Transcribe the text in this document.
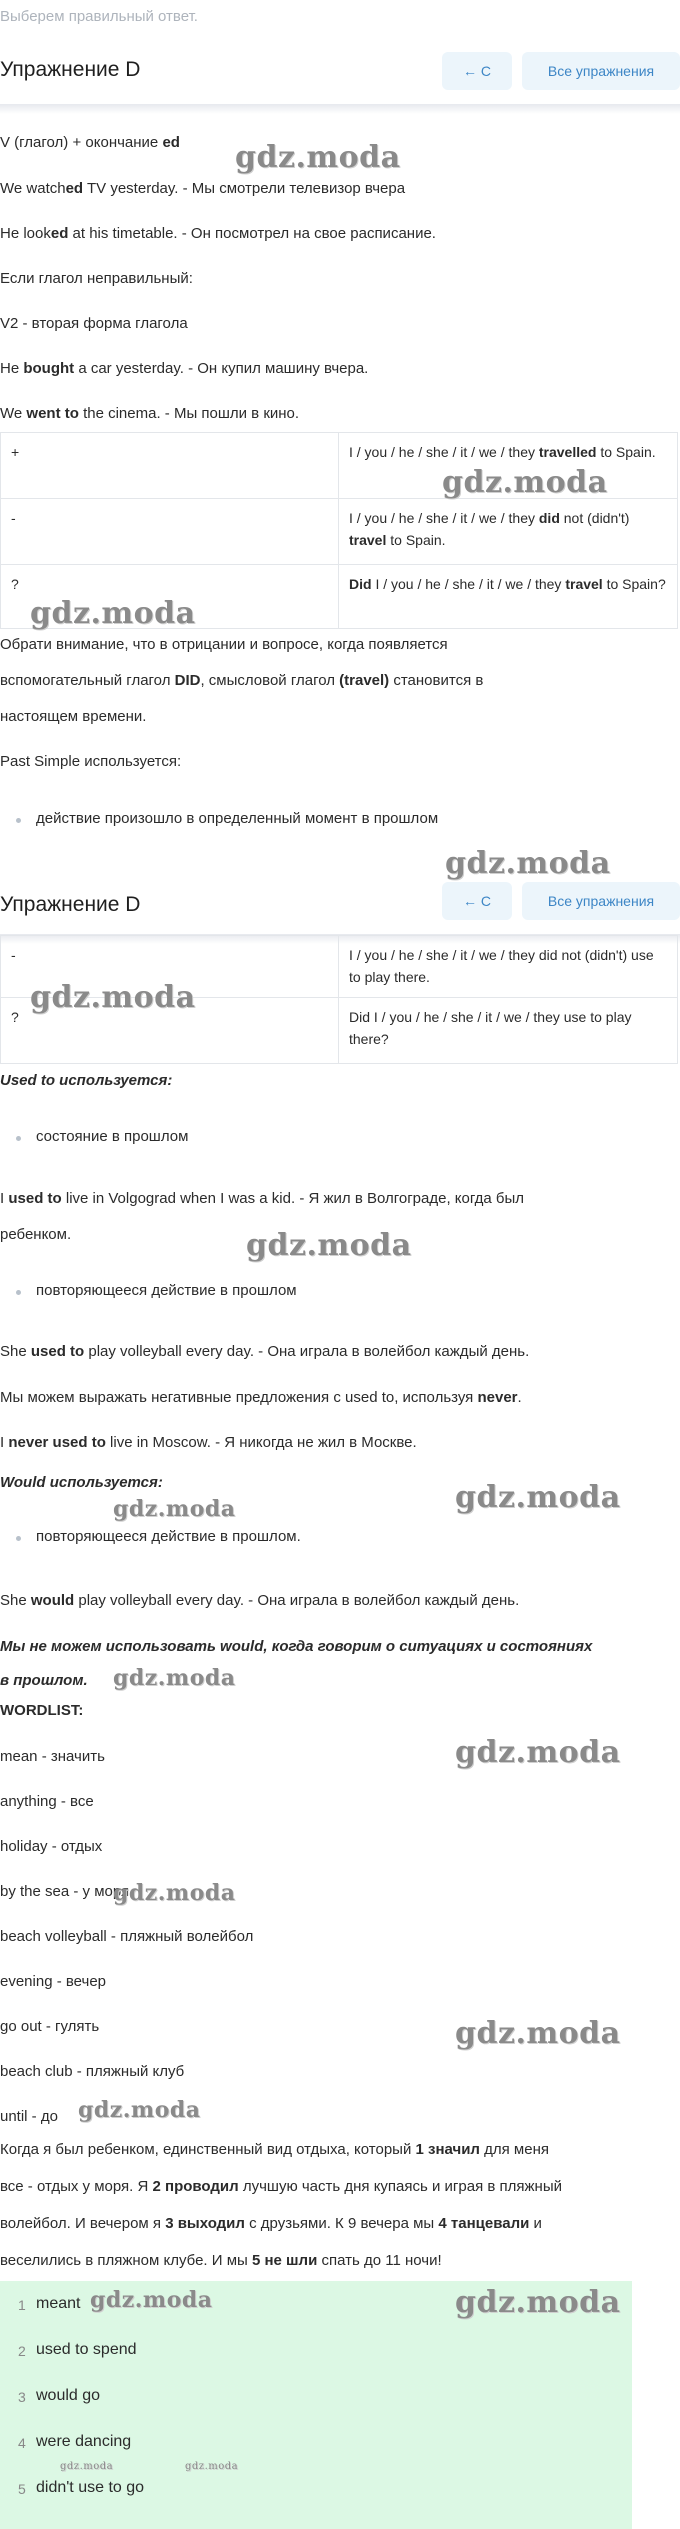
Выберем правильный ответ.
Упражнение D	← С	Все упражнения
V (глагол) + окончание ed
We watched TV yesterday. - Мы смотрели телевизор вчера
He looked at his timetable. - Он посмотрел на свое расписание.
Если глагол неправильный:
V2 - вторая форма глагола
He bought a car yesterday. - Он купил машину вчера.
We went to the cinema. - Мы пошли в кино.
+	I / you / he / she / it / we / they travelled to Spain.
-	I / you / he / she / it / we / they did not (didn't) travel to Spain.
?	Did I / you / he / she / it / we / they travel to Spain?
Обрати внимание, что в отрицании и вопросе, когда появляется
вспомогательный глагол DID, смысловой глагол (travel) становится в
настоящем времени.
Past Simple используется:
действие произошло в определенный момент в прошлом
Упражнение D	← С	Все упражнения
-	I / you / he / she / it / we / they did not (didn't) use to play there.
?	Did I / you / he / she / it / we / they use to play there?
Used to используется:
состояние в прошлом
I used to live in Volgograd when I was a kid. - Я жил в Волгограде, когда был
ребенком.
повторяющееся действие в прошлом
She used to play volleyball every day. - Она играла в волейбол каждый день.
Мы можем выражать негативные предложения с used to, используя never.
I never used to live in Moscow. - Я никогда не жил в Москве.
Would используется:
повторяющееся действие в прошлом.
She would play volleyball every day. - Она играла в волейбол каждый день.
Мы не можем использовать would, когда говорим о ситуациях и состояниях
в прошлом.
WORDLIST:
mean - значить
anything - все
holiday - отдых
by the sea - у моря
beach volleyball - пляжный волейбол
evening - вечер
go out - гулять
beach club - пляжный клуб
until - до
Когда я был ребенком, единственный вид отдыха, который 1 значил для меня
все - отдых у моря. Я 2 проводил лучшую часть дня купаясь и играя в пляжный
волейбол. И вечером я 3 выходил с друзьями. К 9 вечера мы 4 танцевали и
веселились в пляжном клубе. И мы 5 не шли спать до 11 ночи!
1 meant
2 used to spend
3 would go
4 were dancing
5 didn't use to go
gdz.moda
gdz.moda
gdz.moda
gdz.moda
gdz.moda
gdz.moda
gdz.moda
gdz.moda
gdz.moda
gdz.moda
gdz.moda
gdz.moda
gdz.moda
gdz.moda
gdz.moda
gdz.moda	gdz.moda
